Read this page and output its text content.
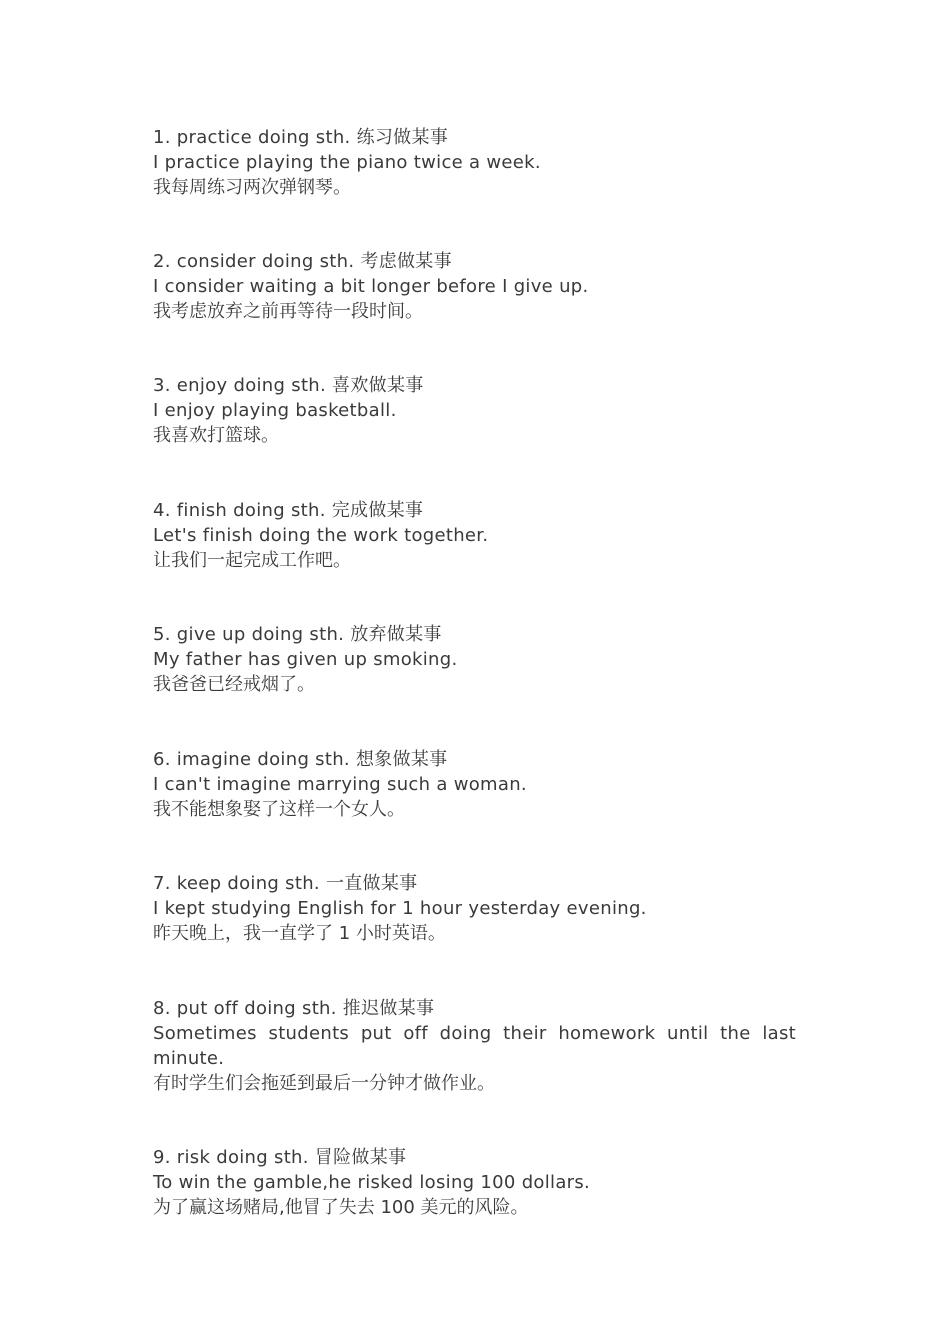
1. practice doing sth. 练习做某事
I practice playing the piano twice a week.
我每周练习两次弹钢琴。
2. consider doing sth. 考虑做某事
I consider waiting a bit longer before I give up.
我考虑放弃之前再等待一段时间。
3. enjoy doing sth. 喜欢做某事
I enjoy playing basketball.
我喜欢打篮球。
4. finish doing sth. 完成做某事
Let's finish doing the work together.
让我们一起完成工作吧。
5. give up doing sth. 放弃做某事
My father has given up smoking.
我爸爸已经戒烟了。
6. imagine doing sth. 想象做某事
I can't imagine marrying such a woman.
我不能想象娶了这样一个女人。
7. keep doing sth. 一直做某事
I kept studying English for 1 hour yesterday evening.
昨天晚上，我一直学了 1 小时英语。
8. put off doing sth. 推迟做某事
Sometimes students put off doing their homework until the last minute.
有时学生们会拖延到最后一分钟才做作业。
9. risk doing sth. 冒险做某事
To win the gamble,he risked losing 100 dollars.
为了赢这场赌局,他冒了失去 100 美元的风险。
